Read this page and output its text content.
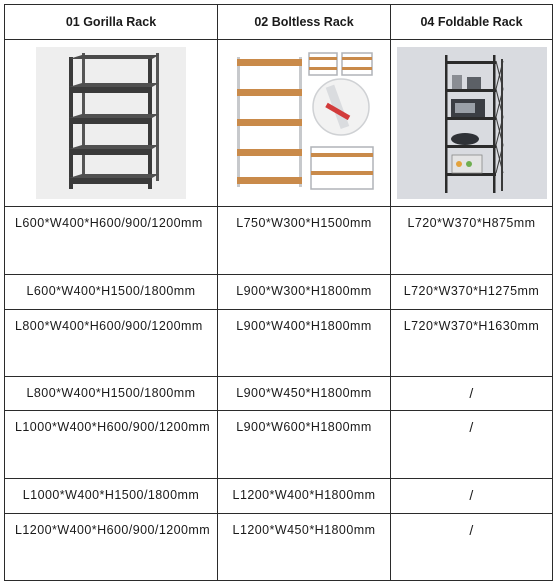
01 Gorilla Rack	02 Boltless Rack	04 Foldable Rack

L600*W400*H600/900/1200mm	L750*W300*H1500mm	L720*W370*H875mm

L600*W400*H1500/1800mm	L900*W300*H1800mm	L720*W370*H1275mm

L800*W400*H600/900/1200mm	L900*W400*H1800mm	L720*W370*H1630mm

L800*W400*H1500/1800mm	L900*W450*H1800mm	/

L1000*W400*H600/900/1200mm	L900*W600*H1800mm	/

L1000*W400*H1500/1800mm	L1200*W400*H1800mm	/

L1200*W400*H600/900/1200mm	L1200*W450*H1800mm	/
